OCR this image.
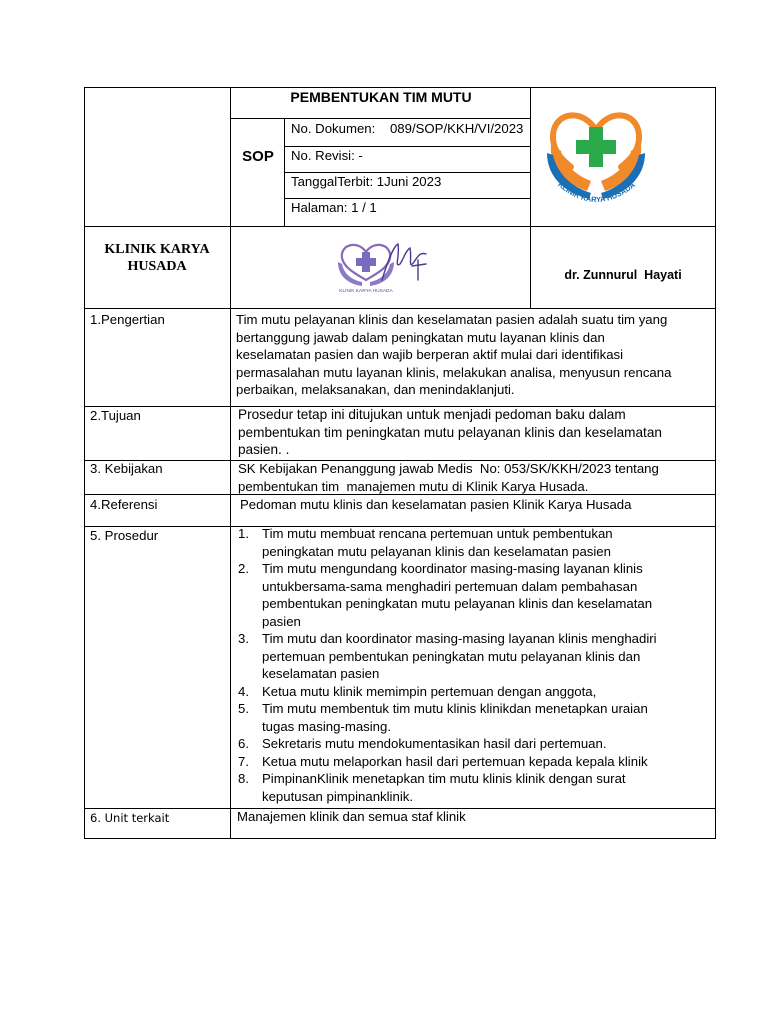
PEMBENTUKAN TIM MUTU
SOP
No. Dokumen:    089/SOP/KKH/VI/2023
No. Revisi: -
TanggalTerbit: 1Juni 2023
Halaman: 1 / 1
KLINIK KARYA
HUSADA
dr. Zunnurul  Hayati
KLINIK KARYA HUSADA
KLINIK KARYA HUSADA
1.Pengertian	Tim mutu pelayanan klinis dan keselamatan pasien adalah suatu tim yang
bertanggung jawab dalam peningkatan mutu layanan klinis dan
keselamatan pasien dan wajib berperan aktif mulai dari identifikasi
permasalahan mutu layanan klinis, melakukan analisa, menyusun rencana
perbaikan, melaksanakan, dan menindaklanjuti.
2.Tujuan	Prosedur tetap ini ditujukan untuk menjadi pedoman baku dalam
pembentukan tim peningkatan mutu pelayanan klinis dan keselamatan
pasien. .
3. Kebijakan	SK Kebijakan Penanggung jawab Medis  No: 053/SK/KKH/2023 tentang
pembentukan tim  manajemen mutu di Klinik Karya Husada.
4.Referensi	Pedoman mutu klinis dan keselamatan pasien Klinik Karya Husada
5. Prosedur	1. Tim mutu membuat rencana pertemuan untuk pembentukan
peningkatan mutu pelayanan klinis dan keselamatan pasien
2. Tim mutu mengundang koordinator masing-masing layanan klinis
untukbersama-sama menghadiri pertemuan dalam pembahasan
pembentukan peningkatan mutu pelayanan klinis dan keselamatan
pasien
3. Tim mutu dan koordinator masing-masing layanan klinis menghadiri
pertemuan pembentukan peningkatan mutu pelayanan klinis dan
keselamatan pasien
4. Ketua mutu klinik memimpin pertemuan dengan anggota,
5. Tim mutu membentuk tim mutu klinis klinikdan menetapkan uraian
tugas masing-masing.
6. Sekretaris mutu mendokumentasikan hasil dari pertemuan.
7. Ketua mutu melaporkan hasil dari pertemuan kepada kepala klinik
8. PimpinanKlinik menetapkan tim mutu klinis klinik dengan surat
keputusan pimpinanklinik.
6. Unit terkait	Manajemen klinik dan semua staf klinik
